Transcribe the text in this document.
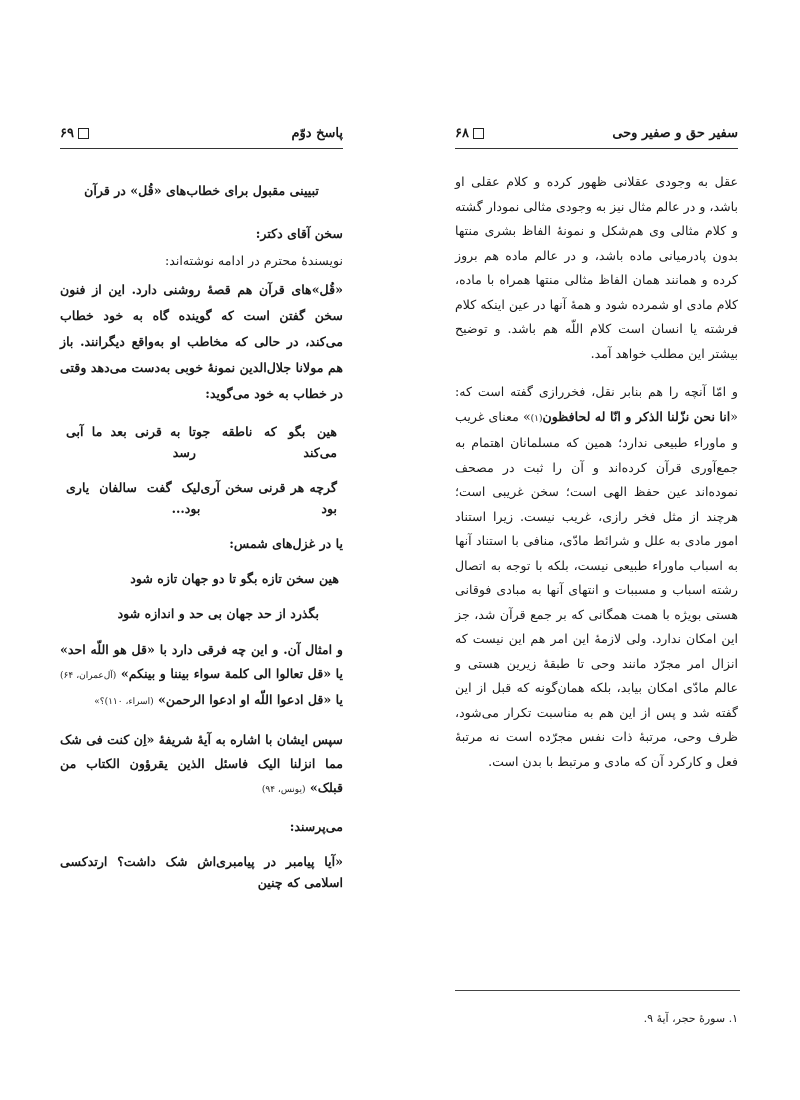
پاسخ دوّم
۶۹

تبیینی مقبول برای خطاب‌های «قُل» در قرآن

سخن آقای دکتر:

نویسندهٔ محترم در ادامه نوشته‌اند:

«قُل‌»های قرآن هم قصهٔ روشنی دارد. این از فنون سخن گفتن است که گوینده گاه به خود خطاب می‌کند، در حالی که مخاطب او به‌واقع دیگرانند. باز هم مولانا جلال‌الدین نمونهٔ خوبی به‌دست می‌دهد وقتی در خطاب به خود می‌گوید:

هین بگو که ناطقه جو می‌کند
تا به قرنی بعد ما آبی رسد
گرچه هر قرنی سخن آری بود
لیک گفت سالفان یاری بود...

یا در غزل‌های شمس:

هین سخن تازه بگو تا دو جهان تازه شود

بگذرد از حد جهان بی حد و اندازه شود

و امثال آن. و این چه فرقی دارد با «قل هو اللّه احد» یا «قل تعالوا الی کلمة سواء بیننا و بینکم» (آل‌عمران، ۶۴) یا «قل ادعوا اللّه او ادعوا الرحمن» (اسراء، ۱۱۰)؟»

سپس ایشان با اشاره به آیهٔ شریفهٔ «اِن کنت فی شک مما انزلنا الیک فاسئل الذین یقرؤون الکتاب من قبلک» (یونس، ۹۴)

می‌پرسند:

«آیا پیامبر در پیامبری‌اش شک داشت؟ ارتدکسی اسلامی که چنین

سفیر حق و صفیر وحی
۶۸

عقل به وجودی عقلانی ظهور کرده و کلام عقلی او باشد، و در عالم مثال نیز به وجودی مثالی نمودار گشته و کلام مثالی وی هم‌شکل و نمونهٔ الفاظ بشری منتها بدون پادرمیانی ماده باشد، و در عالم ماده هم بروز کرده و همانند همان الفاظ مثالی منتها همراه با ماده، کلام مادی او شمرده شود و همهٔ آنها در عین اینکه کلام فرشته یا انسان است کلام اللّه هم باشد. و توضیح بیشتر این مطلب خواهد آمد.

و امّا آنچه را هم بنابر نقل، فخررازی گفته است که: «انا نحن نزّلنا الذکر و انّا له لحافظون(۱)» معنای غریب و ماوراء طبیعی ندارد؛ همین که مسلمانان اهتمام به جمع‌آوری قرآن کرده‌اند و آن را ثبت در مصحف نموده‌اند عین حفظ الهی است؛ سخن غریبی است؛ هرچند از مثل فخر رازی، غریب نیست. زیرا استناد امور مادی به علل و شرائط مادّی، منافی با استناد آنها به اسباب ماوراء طبیعی نیست، بلکه با توجه به اتصال رشته اسباب و مسببات و انتهای آنها به مبادی فوقانی هستی بویژه با همت همگانی که بر جمع قرآن شد، جز این امکان ندارد. ولی لازمهٔ این امر هم این نیست که انزال امر مجرّد مانند وحی تا طبقهٔ زیرین هستی و عالم مادّی امکان بیابد، بلکه همان‌گونه که قبل از این گفته شد و پس از این هم به مناسبت تکرار می‌شود، ظرف وحی، مرتبهٔ ذات نفس مجرّده است نه مرتبهٔ فعل و کارکرد آن که مادی و مرتبط با بدن است.

۱. سورهٔ حجر، آیهٔ ۹.
